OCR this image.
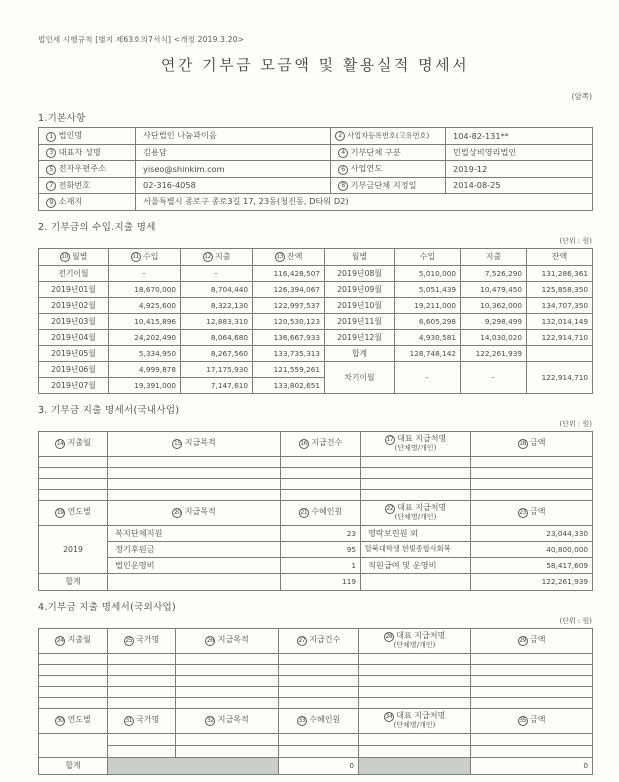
법인세 시행규칙 [별지 제63호의7서식] <개정 2019.3.20>
연간 기부금 모금액 및 활용실적 명세서
(앞쪽)
1.기본사항
1 법인명	사단법인 나눔과이음	2 사업자등록번호(고유번호)	104-82-131**
3 대표자 성명	김용담	4 기부단체 구분	민법상비영리법인
5 전자우편주소	yiseo@shinkim.com	6 사업연도	2019-12
7 전화번호	02-316-4058	8 기부금단체 지정일	2014-08-25
9 소재지	서울특별시 종로구 종로3길 17, 23동(청진동, D타워 D2)		
2. 기부금의 수입.지출 명세
(단위 : 원)
10 월별	11 수입	12 지출	13 잔액	월별	수입	지출	잔액
전기이월	–	–	116,428,507	2019년08월	5,010,000	7,526,290	131,286,361
2019년01월	18,670,000	8,704,440	126,394,067	2019년09월	5,051,439	10,479,450	125,858,350
2019년02월	4,925,600	8,322,130	122,997,537	2019년10월	19,211,000	10,362,000	134,707,350
2019년03월	10,415,896	12,883,310	120,530,123	2019년11월	6,605,298	9,298,499	132,014,149
2019년04월	24,202,490	8,064,680	136,667,933	2019년12월	4,930,581	14,030,020	122,914,710
2019년05월	5,334,950	8,267,560	133,735,313	합계	128,748,142	122,261,939	
2019년06월	4,999,878	17,175,930	121,559,261	차기이월	–	–	122,914,710
2019년07월	19,391,000	7,147,610	133,802,651				
3. 기부금 지출 명세서(국내사업)
(단위 : 원)
14 지출월	15 지급목적	16 지급건수	17 대표 지급처명
(단체명/개인)	18 금액

19 연도별	20 지급목적	21 수혜인원	22 대표 지급처명
(단체명/개인)	23 금액
2019	복지단체지원	23	영락보린원 외	23,044,330
	정기후원금	95	탈북대학생 한빛종합사회복	40,800,000
	법인운영비	1	직원급여 및 운영비	58,417,609
합계		119		122,261,939
4.기부금 지출 명세서(국외사업)
(단위 : 원)
24 지출월	25 국가명	26 지급목적	27 지급건수	28 대표 지급처명
(단체명/개인)	29 금액

30 연도별	31 국가명	32 지급목적	33 수혜인원	34 대표 지급처명
(단체명/개인)	35 금액

합계			0		0
